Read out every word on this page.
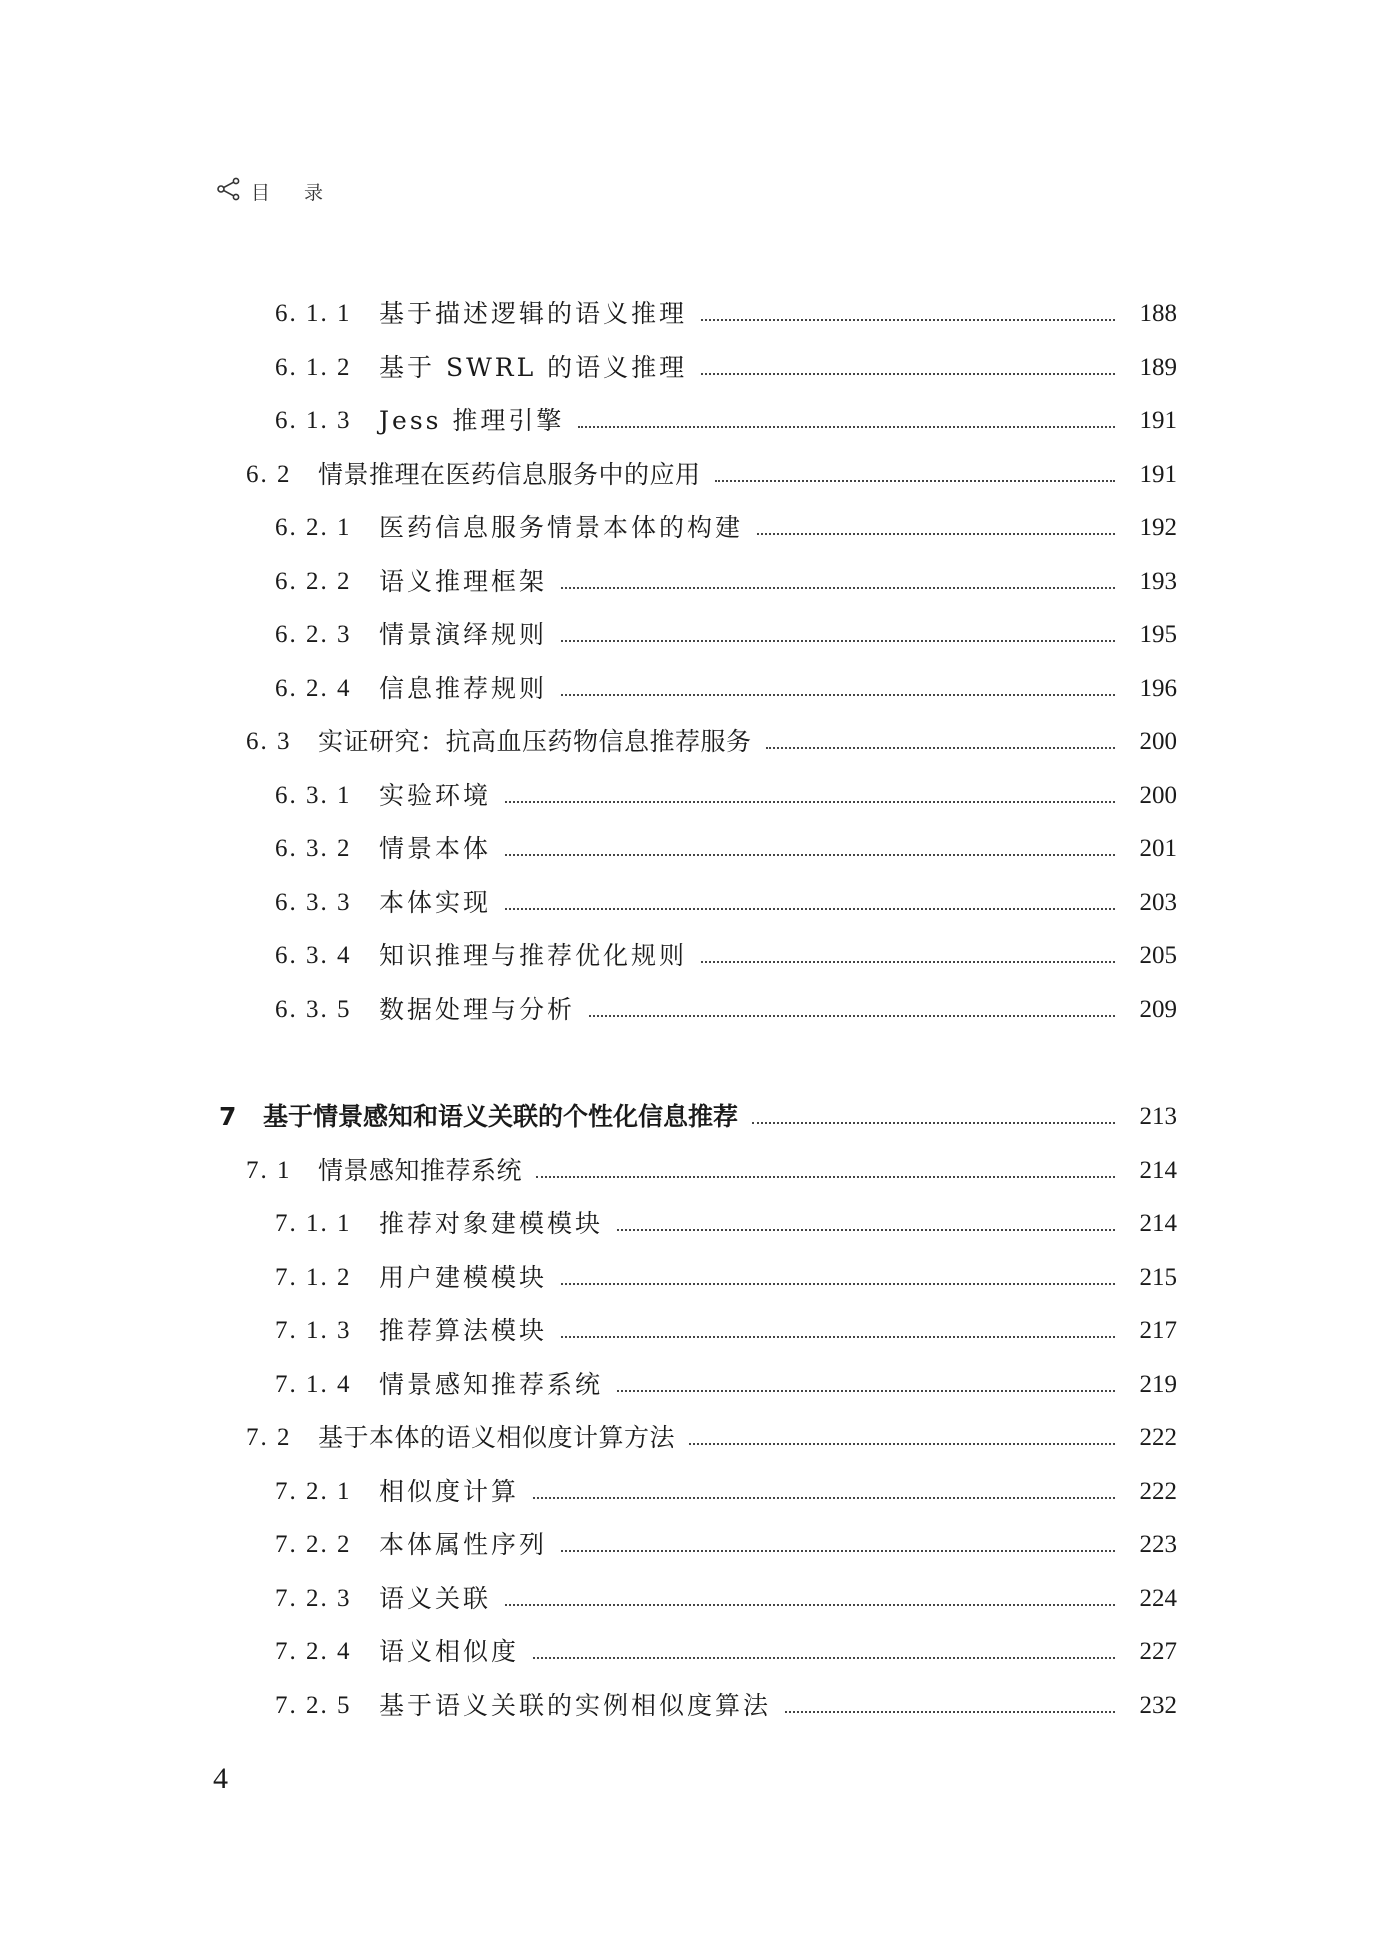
目 录
6. 1. 1	基于描述逻辑的语义推理	188
6. 1. 2	基于 SWRL 的语义推理	189
6. 1. 3	Jess 推理引擎	191
6. 2	情景推理在医药信息服务中的应用	191
6. 2. 1	医药信息服务情景本体的构建	192
6. 2. 2	语义推理框架	193
6. 2. 3	情景演绎规则	195
6. 2. 4	信息推荐规则	196
6. 3	实证研究：抗高血压药物信息推荐服务	200
6. 3. 1	实验环境	200
6. 3. 2	情景本体	201
6. 3. 3	本体实现	203
6. 3. 4	知识推理与推荐优化规则	205
6. 3. 5	数据处理与分析	209
7	基于情景感知和语义关联的个性化信息推荐	213
7. 1	情景感知推荐系统	214
7. 1. 1	推荐对象建模模块	214
7. 1. 2	用户建模模块	215
7. 1. 3	推荐算法模块	217
7. 1. 4	情景感知推荐系统	219
7. 2	基于本体的语义相似度计算方法	222
7. 2. 1	相似度计算	222
7. 2. 2	本体属性序列	223
7. 2. 3	语义关联	224
7. 2. 4	语义相似度	227
7. 2. 5	基于语义关联的实例相似度算法	232
4
